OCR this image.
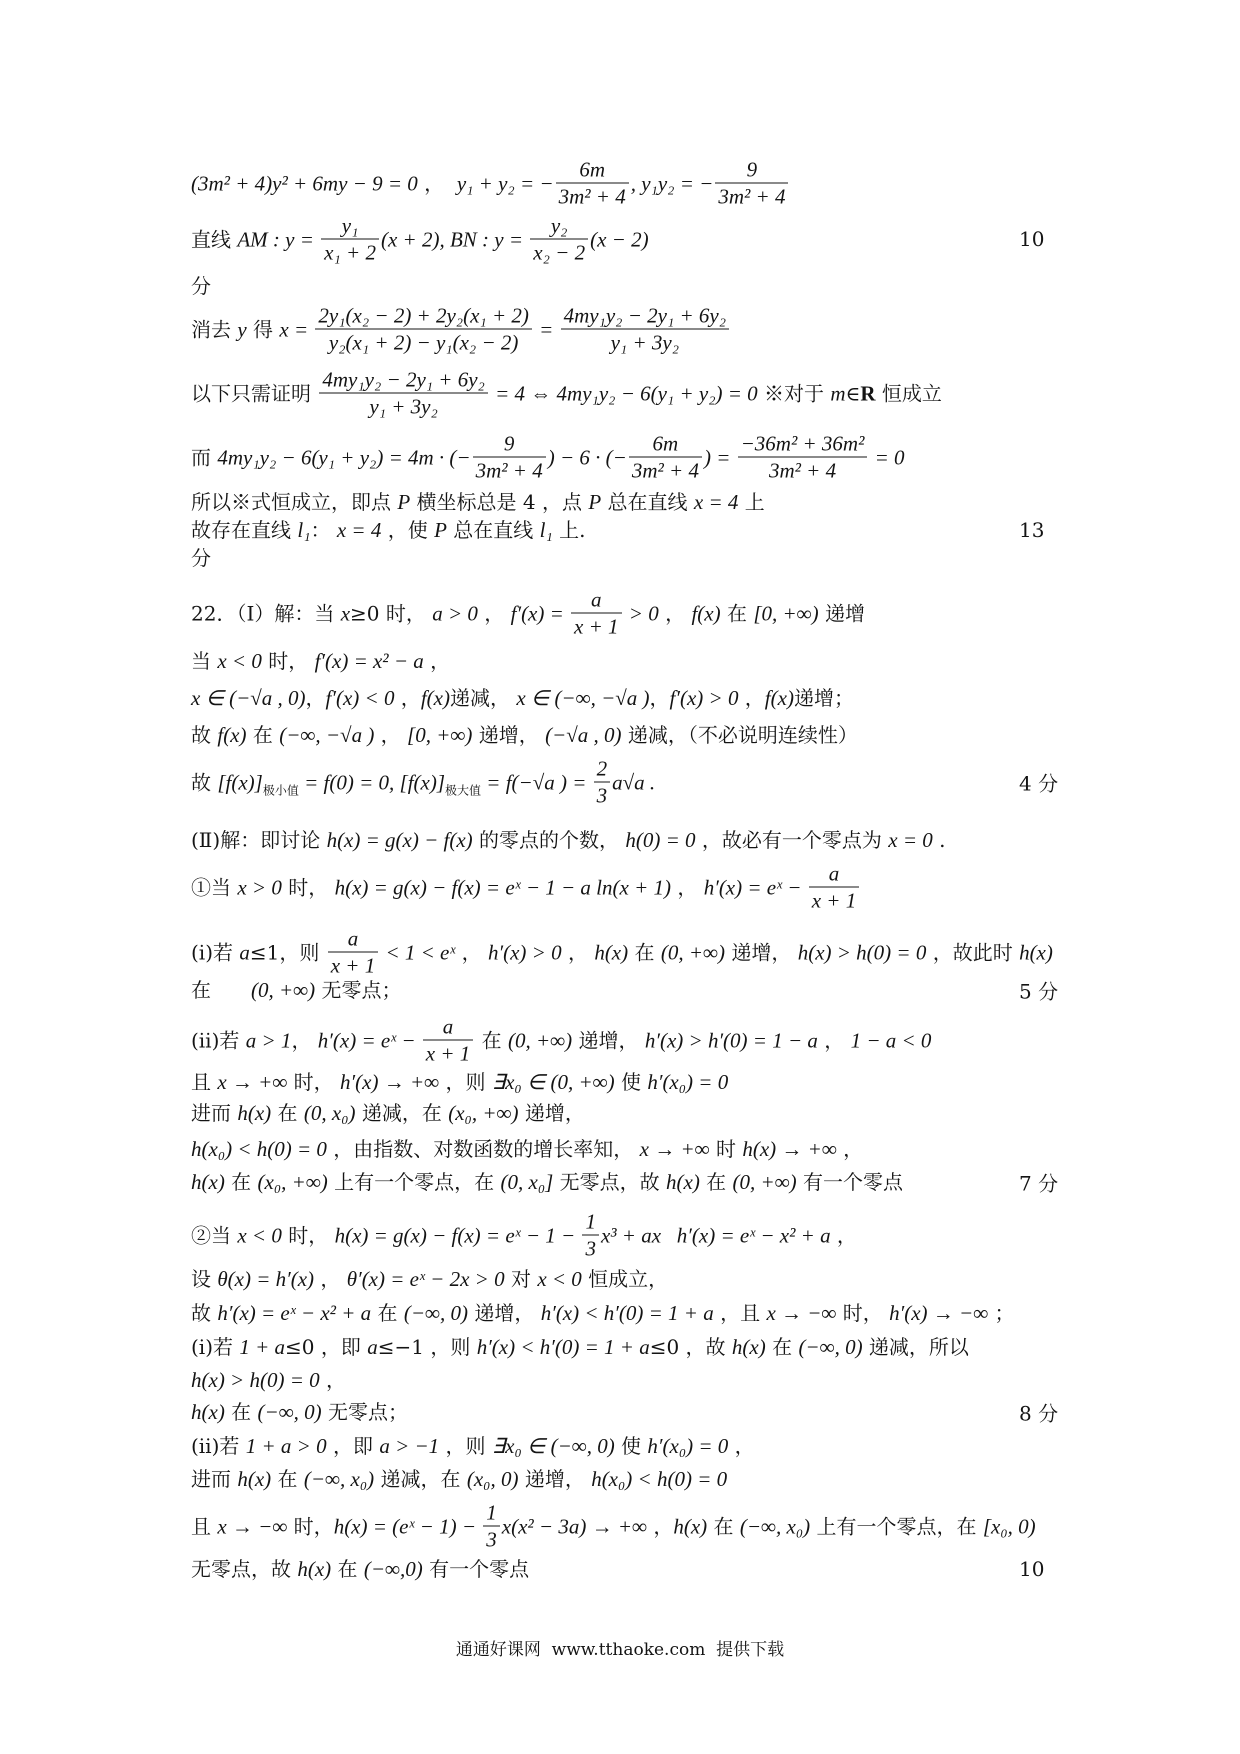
(3m² + 4)y² + 6my − 9 = 0 ， y₁ + y₂ = − $\frac{6m}{\text{3m² + 4}}$ , y₁y₂ = − $\frac{9}{\text{3m² + 4}}$
直线 AM : $y = \frac{\text{y₁}}{\text{x₁ + 2}} (x + 2)$, BN : $y = \frac{\text{y₂}}{\text{x₂ − 2}} (x - 2)$
分
消去 y 得 $x = \frac{\text{2y₁(x₂ − 2) + 2y₂(x₁ + 2)}}{\text{y₂(x₁ + 2) − y₁(x₂ − 2)}} = \frac{\text{4my₁y₂ − 2y₁ + 6y₂}}{\text{y₁ + 3y₂}}$
以下只需证明 $\frac{\text{4my₁y₂ − 2y₁ + 6y₂}}{\text{y₁ + 3y₂}} = 4$ ⇔ 4my₁y₂ − 6(y₁ + y₂) = 0 ※对于 m ∈ R 恒成立
而 4my₁y₂ − 6(y₁ + y₂) = 4m · (− $\frac{9}{\text{3m² + 4}}$ ) − 6 · (− $\frac{6m}{\text{3m² + 4}}$ ) = $\frac{\text{−36m² + 36m²}}{\text{3m² + 4}} = 0$
所以※式恒成立，即点 P 横坐标总是 4 ，点 P 总在直线 x = 4 上
故存在直线 l₁ ： x = 4 ，使 P 总在直线 l₁ 上.
分
22．（Ⅰ）解：当 x ≥0 时， a > 0 ， $f'(x) = \frac{a}{x + 1} > 0$ ， f(x) 在 [0, +∞) 递增
当 x < 0 时， f′(x) = x² − a ，
x ∈ (−√a , 0) ， f′(x) < 0 ， f(x) 递减， x ∈ (−∞, −√a ) ， f′(x) > 0 ， f(x) 递增；
故 f(x) 在 (−∞, −√a ) ， [0, +∞) 递增， (−√a , 0) 递减，（不必说明连续性）
故 [f(x)] 极小值 = f(0) = 0, [f(x)] 极大值 = f(−√a ) = $\frac{2}{3} a√a$ .
(Ⅱ)解：即讨论 h(x) = g(x) − f(x) 的零点的个数， h(0) = 0 ，故必有一个零点为 x = 0 .
①当 x > 0 时， h(x) = g(x) − f(x) = eˣ − 1 − a ln(x + 1) ， h′(x) = eˣ − $\frac{a}{x + 1}$
(ⅰ)若 a ≤1，则 $\frac{a}{x + 1} < 1$ < eˣ ， h′(x) > 0 ， h(x) 在 (0, +∞) 递增， h(x) > h(0) = 0 ，故此时 h(x)
在　　 (0, +∞) 无零点；
(ⅱ)若 a > 1 ， h′(x) = eˣ − $\frac{a}{x + 1}$ 在 (0, +∞) 递增， h′(x) > h′(0) = 1 − a ， 1 − a < 0
且 x → +∞ 时， h′(x) → +∞ ，则 ∃x₀ ∈ (0, +∞) 使 h′(x₀) = 0
进而 h(x) 在 (0, x₀) 递减，在 (x₀, +∞) 递增，
h(x₀) < h(0) = 0 ，由指数、对数函数的增长率知， x → +∞ 时 h(x) → +∞ ，
h(x) 在 (x₀, +∞) 上有一个零点，在 (0, x₀] 无零点，故 h(x) 在 (0, +∞) 有一个零点
②当 x < 0 时， h(x) = g(x) − f(x) = eˣ − $1 - \frac{1}{3} x^3$ + ax   h′(x) = eˣ − x² + a ，
设 θ(x) = h′(x) ， θ′(x) = eˣ − 2x > 0 对 x < 0 恒成立，
故 h′(x) = eˣ − x² + a 在 (−∞, 0) 递增， h′(x) < h′(0) = 1 + a ，且 x → −∞ 时， h′(x) → −∞ ；
(ⅰ)若 1 + a ≤0 ，即 a ≤−1 ，则 h′(x) < h′(0) = 1 + a ≤0 ，故 h(x) 在 (−∞, 0) 递减，所以
h(x) > h(0) = 0 ，
h(x) 在 (−∞, 0) 无零点；
(ⅱ)若 1 + a > 0 ，即 a > −1 ，则 ∃x₀ ∈ (−∞, 0) 使 h′(x₀) = 0 ，
进而 h(x) 在 (−∞, x₀) 递减，在 (x₀, 0) 递增， h(x₀) < h(0) = 0
且 x → −∞ 时， h(x) = (eˣ − $1) - \frac{1}{3} x(x^2 - 3a)$ → +∞ ， h(x) 在 (−∞, x₀) 上有一个零点，在 [x₀, 0)
无零点，故 h(x) 在 (−∞,0) 有一个零点
通通好课网  www.tthaoke.com  提供下载
10
13
4 分
5 分
7 分
8 分
10
